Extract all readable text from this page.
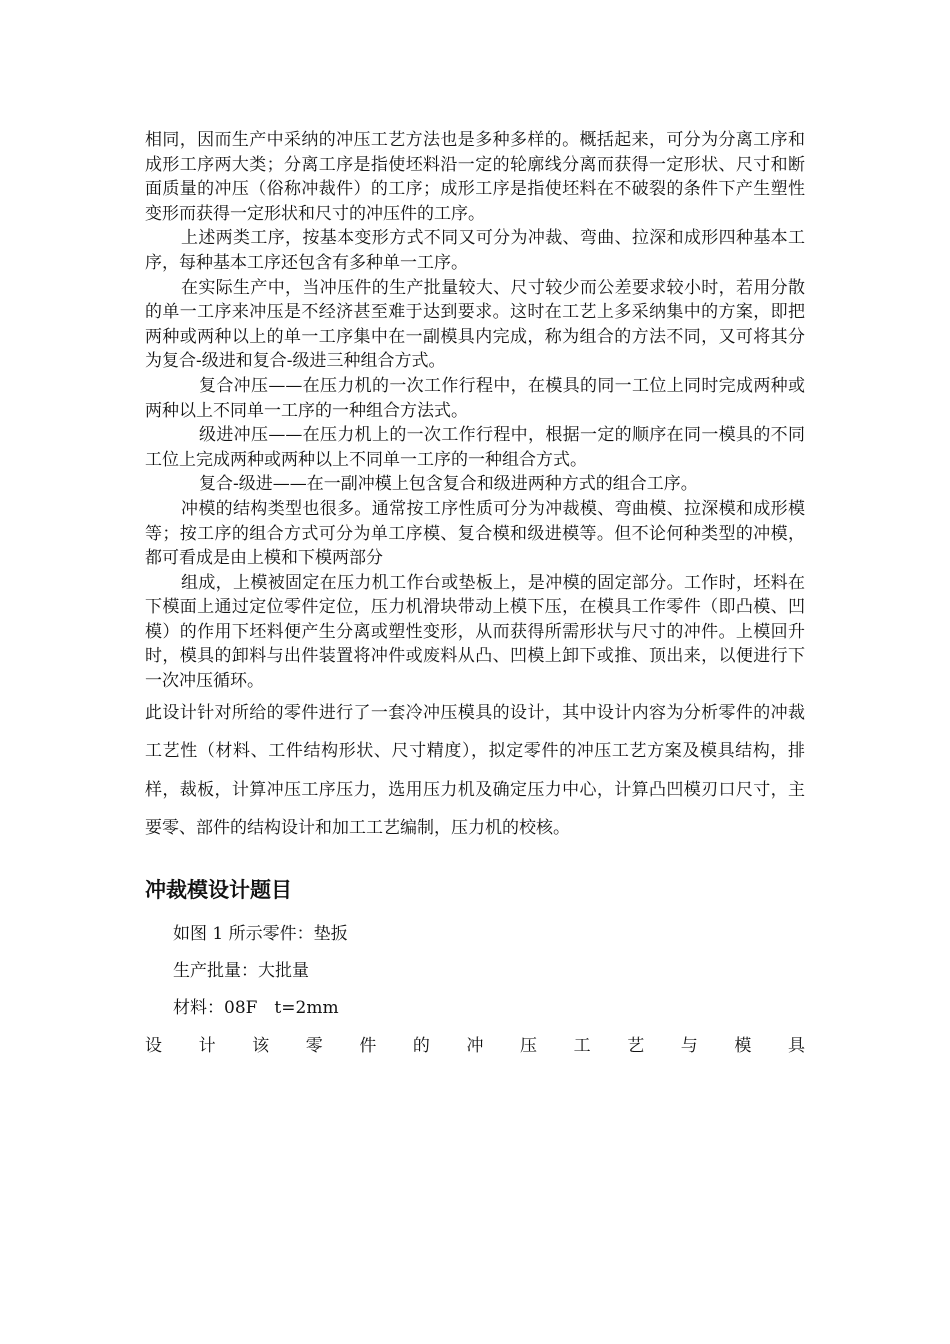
相同，因而生产中采纳的冲压工艺方法也是多种多样的。概括起来，可分为分离工序和成形工序两大类；分离工序是指使坯料沿一定的轮廓线分离而获得一定形状、尺寸和断面质量的冲压（俗称冲裁件）的工序；成形工序是指使坯料在不破裂的条件下产生塑性变形而获得一定形状和尺寸的冲压件的工序。

上述两类工序，按基本变形方式不同又可分为冲裁、弯曲、拉深和成形四种基本工序，每种基本工序还包含有多种单一工序。

在实际生产中，当冲压件的生产批量较大、尺寸较少而公差要求较小时，若用分散的单一工序来冲压是不经济甚至难于达到要求。这时在工艺上多采纳集中的方案，即把两种或两种以上的单一工序集中在一副模具内完成，称为组合的方法不同，又可将其分为复合-级进和复合-级进三种组合方式。

复合冲压——在压力机的一次工作行程中，在模具的同一工位上同时完成两种或两种以上不同单一工序的一种组合方法式。

级进冲压——在压力机上的一次工作行程中，根据一定的顺序在同一模具的不同工位上完成两种或两种以上不同单一工序的一种组合方式。

复合-级进——在一副冲模上包含复合和级进两种方式的组合工序。

冲模的结构类型也很多。通常按工序性质可分为冲裁模、弯曲模、拉深模和成形模等；按工序的组合方式可分为单工序模、复合模和级进模等。但不论何种类型的冲模，都可看成是由上模和下模两部分

组成，上模被固定在压力机工作台或垫板上，是冲模的固定部分。工作时，坯料在下模面上通过定位零件定位，压力机滑块带动上模下压，在模具工作零件（即凸模、凹模）的作用下坯料便产生分离或塑性变形，从而获得所需形状与尺寸的冲件。上模回升时，模具的卸料与出件装置将冲件或废料从凸、凹模上卸下或推、顶出来，以便进行下一次冲压循环。

此设计针对所给的零件进行了一套冷冲压模具的设计，其中设计内容为分析零件的冲裁工艺性（材料、工件结构形状、尺寸精度），拟定零件的冲压工艺方案及模具结构，排样，裁板，计算冲压工序压力，选用压力机及确定压力中心，计算凸凹模刃口尺寸，主要零、部件的结构设计和加工工艺编制，压力机的校核。

冲裁模设计题目

如图 1 所示零件：垫扳

生产批量：大批量

材料：08F　t=2mm

设 计 该 零 件 的 冲 压 工 艺 与 模 具
